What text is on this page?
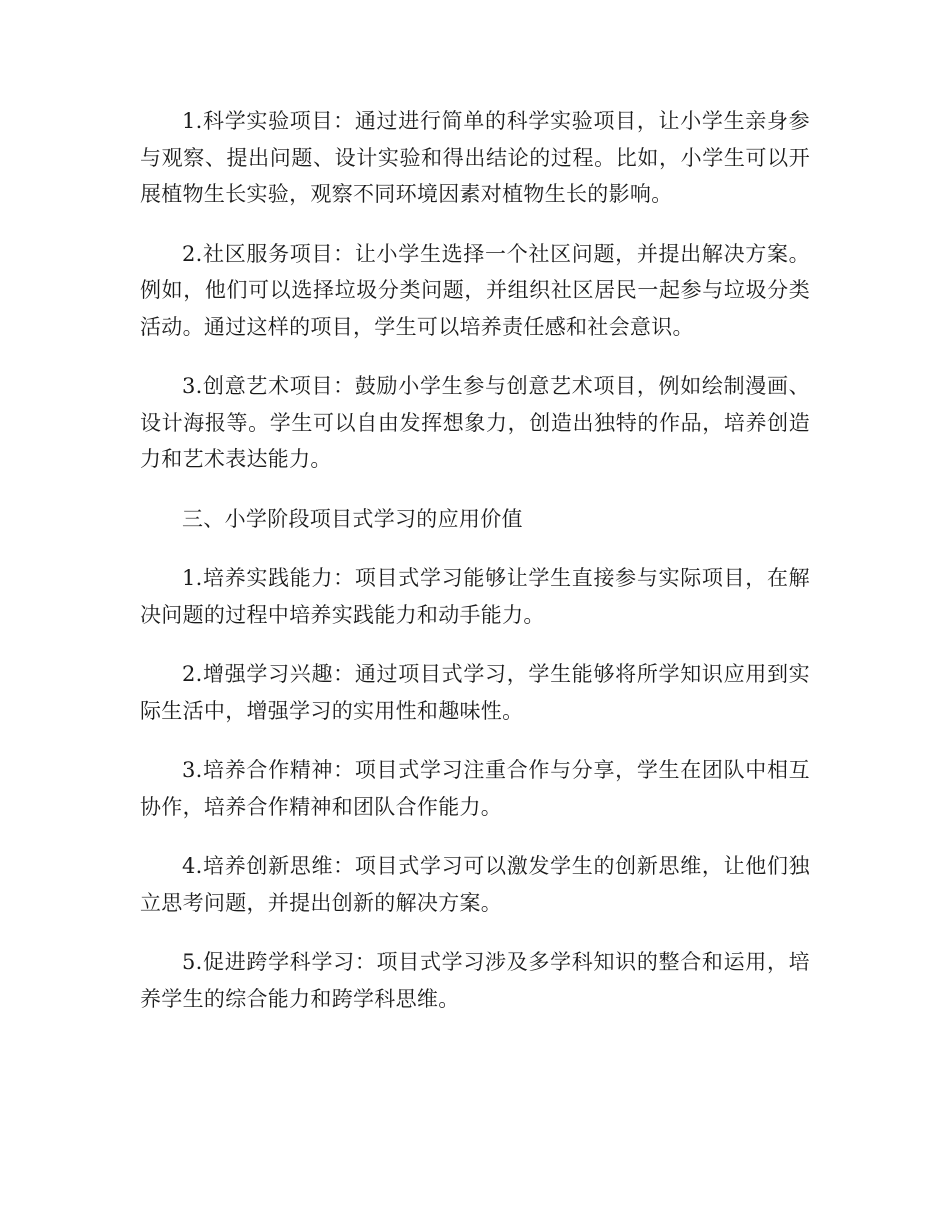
1.科学实验项目：通过进行简单的科学实验项目，让小学生亲身参与观察、提出问题、设计实验和得出结论的过程。比如，小学生可以开展植物生长实验，观察不同环境因素对植物生长的影响。

2.社区服务项目：让小学生选择一个社区问题，并提出解决方案。例如，他们可以选择垃圾分类问题，并组织社区居民一起参与垃圾分类活动。通过这样的项目，学生可以培养责任感和社会意识。

3.创意艺术项目：鼓励小学生参与创意艺术项目，例如绘制漫画、设计海报等。学生可以自由发挥想象力，创造出独特的作品，培养创造力和艺术表达能力。

三、小学阶段项目式学习的应用价值

1.培养实践能力：项目式学习能够让学生直接参与实际项目，在解决问题的过程中培养实践能力和动手能力。

2.增强学习兴趣：通过项目式学习，学生能够将所学知识应用到实际生活中，增强学习的实用性和趣味性。

3.培养合作精神：项目式学习注重合作与分享，学生在团队中相互协作，培养合作精神和团队合作能力。

4.培养创新思维：项目式学习可以激发学生的创新思维，让他们独立思考问题，并提出创新的解决方案。

5.促进跨学科学习：项目式学习涉及多学科知识的整合和运用，培养学生的综合能力和跨学科思维。
